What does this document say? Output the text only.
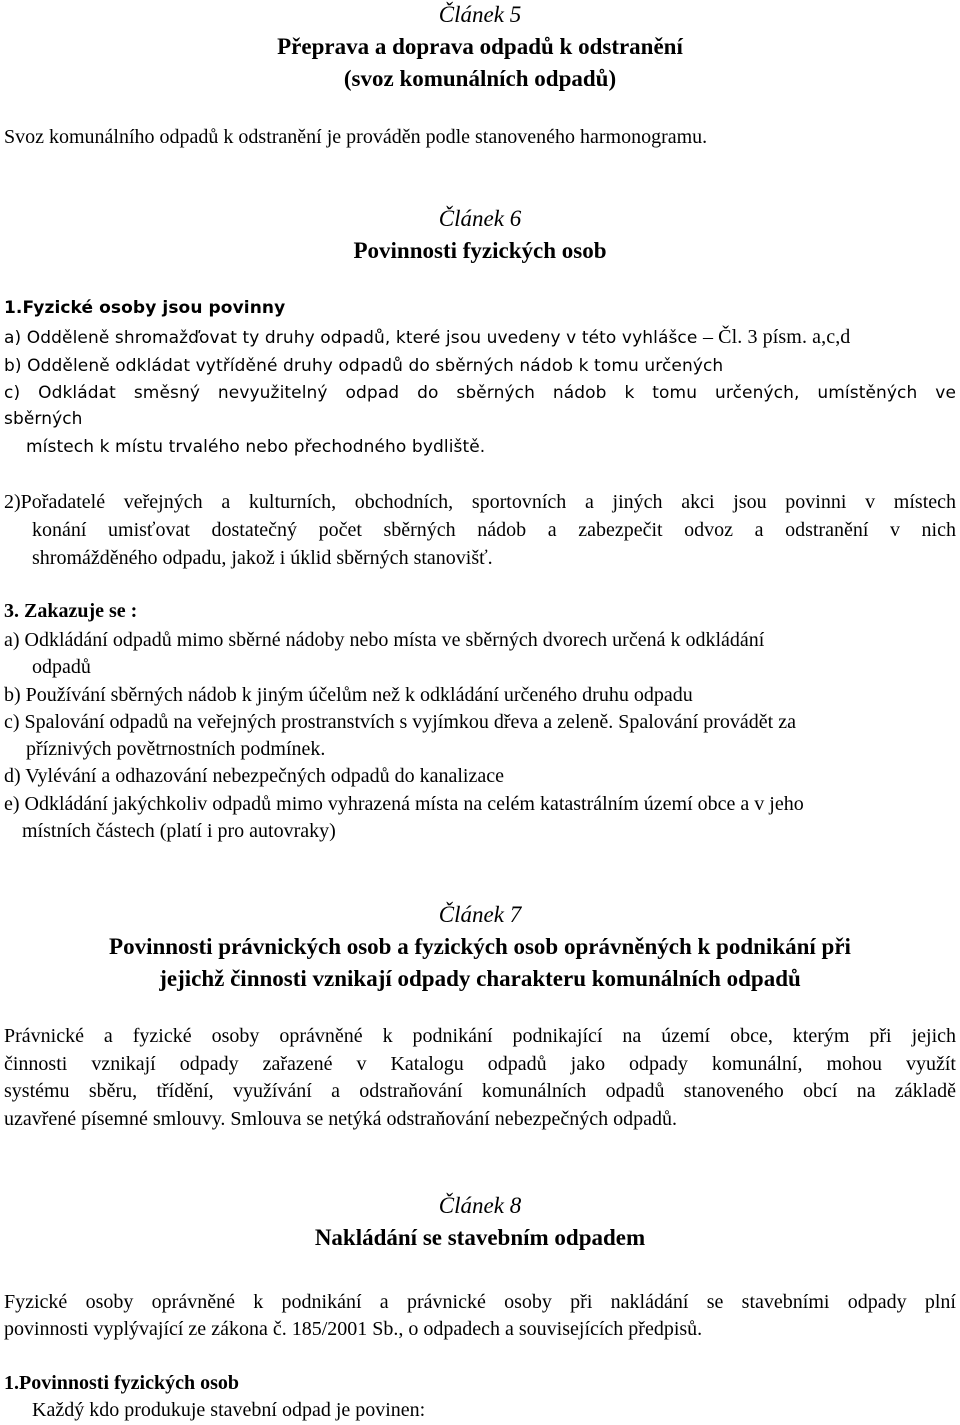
Článek 5
Přeprava a doprava odpadů k odstranění
(svoz komunálních odpadů)
Svoz komunálního odpadů k odstranění je prováděn podle stanoveného harmonogramu.
Článek 6
Povinnosti fyzických osob
1.Fyzické osoby jsou povinny
a) Odděleně shromažďovat ty druhy odpadů, které jsou uvedeny v této vyhlášce – Čl. 3 písm. a,c,d
b) Odděleně odkládat vytříděné druhy odpadů do sběrných nádob k tomu určených
c) Odkládat směsný nevyužitelný odpad do sběrných nádob k tomu určených, umístěných ve
sběrných
místech k místu trvalého nebo přechodného bydliště.
2)Pořadatelé veřejných a kulturních, obchodních, sportovních a jiných akci jsou povinni v místech
konání umisťovat dostatečný počet sběrných nádob a zabezpečit odvoz a odstranění v nich
shromážděného odpadu, jakož i úklid sběrných stanovišť.
3. Zakazuje se :
a) Odkládání odpadů mimo sběrné nádoby nebo místa ve sběrných dvorech určená k odkládání
odpadů
b) Používání sběrných nádob k jiným účelům než k odkládání určeného druhu odpadu
c) Spalování odpadů na veřejných prostranstvích s vyjímkou dřeva a zeleně. Spalování provádět za
příznivých povětrnostních podmínek.
d) Vylévání a odhazování nebezpečných odpadů do kanalizace
e) Odkládání jakýchkoliv odpadů mimo vyhrazená místa na celém katastrálním území obce a v jeho
místních částech (platí i pro autovraky)
Článek 7
Povinnosti právnických osob a fyzických osob oprávněných k podnikání při
jejichž činnosti vznikají odpady charakteru komunálních odpadů
Právnické a fyzické osoby oprávněné k podnikání podnikající na území obce, kterým při jejich
činnosti vznikají odpady zařazené v Katalogu odpadů jako odpady komunální, mohou využít
systému sběru, třídění, využívání a odstraňování komunálních odpadů stanoveného obcí na základě
uzavřené písemné smlouvy. Smlouva se netýká odstraňování nebezpečných odpadů.
Článek 8
Nakládání se stavebním odpadem
Fyzické osoby oprávněné k podnikání a právnické osoby při nakládání se stavebními odpady plní
povinnosti vyplývající ze zákona č. 185/2001 Sb., o odpadech a souvisejících předpisů.
1.Povinnosti fyzických osob
Každý kdo produkuje stavební odpad je povinen:
